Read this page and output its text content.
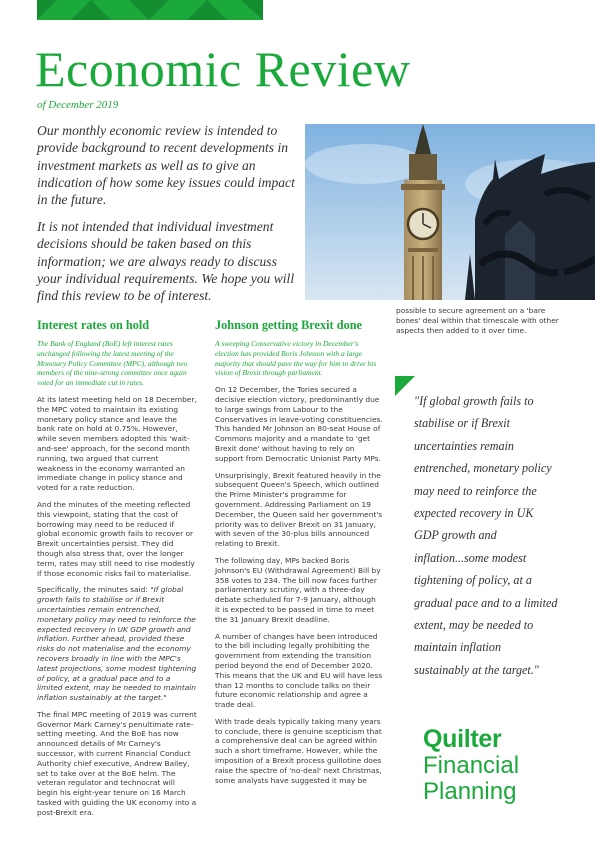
Economic Review
of December 2019

Our monthly economic review is intended to provide background to recent developments in investment markets as well as to give an indication of how some key issues could impact in the future.

It is not intended that individual investment decisions should be taken based on this information; we are always ready to discuss your individual requirements. We hope you will find this review to be of interest.

Interest rates on hold

The Bank of England (BoE) left interest rates unchanged following the latest meeting of the Monetary Policy Committee (MPC), although two members of the nine-strong committee once again voted for an immediate cut in rates.

At its latest meeting held on 18 December, the MPC voted to maintain its existing monetary policy stance and leave the bank rate on hold at 0.75%. However, while seven members adopted this 'wait-and-see' approach, for the second month running, two argued that current weakness in the economy warranted an immediate change in policy stance and voted for a rate reduction.

And the minutes of the meeting reflected this viewpoint, stating that the cost of borrowing may need to be reduced if global economic growth fails to recover or Brexit uncertainties persist. They did though also stress that, over the longer term, rates may still need to rise modestly if those economic risks fail to materialise.

Specifically, the minutes said: "If global growth fails to stabilise or if Brexit uncertainties remain entrenched, monetary policy may need to reinforce the expected recovery in UK GDP growth and inflation. Further ahead, provided these risks do not materialise and the economy recovers broadly in line with the MPC's latest projections, some modest tightening of policy, at a gradual pace and to a limited extent, may be needed to maintain inflation sustainably at the target."

The final MPC meeting of 2019 was current Governor Mark Carney's penultimate rate-setting meeting. And the BoE has now announced details of Mr Carney's successor, with current Financial Conduct Authority chief executive, Andrew Bailey, set to take over at the BoE helm. The veteran regulator and technocrat will begin his eight-year tenure on 16 March tasked with guiding the UK economy into a post-Brexit era.

Johnson getting Brexit done

A sweeping Conservative victory in December's election has provided Boris Johnson with a large majority that should pave the way for him to drive his vision of Brexit through parliament.

On 12 December, the Tories secured a decisive election victory, predominantly due to large swings from Labour to the Conservatives in leave-voting constituencies. This handed Mr Johnson an 80-seat House of Commons majority and a mandate to 'get Brexit done' without having to rely on support from Democratic Unionist Party MPs.

Unsurprisingly, Brexit featured heavily in the subsequent Queen's Speech, which outlined the Prime Minister's programme for government. Addressing Parliament on 19 December, the Queen said her government's priority was to deliver Brexit on 31 January, with seven of the 30-plus bills announced relating to Brexit.

The following day, MPs backed Boris Johnson's EU (Withdrawal Agreement) Bill by 358 votes to 234. The bill now faces further parliamentary scrutiny, with a three-day debate scheduled for 7-9 January, although it is expected to be passed in time to meet the 31 January Brexit deadline.

A number of changes have been introduced to the bill including legally prohibiting the government from extending the transition period beyond the end of December 2020. This means that the UK and EU will have less than 12 months to conclude talks on their future economic relationship and agree a trade deal.

With trade deals typically taking many years to conclude, there is genuine scepticism that a comprehensive deal can be agreed within such a short timeframe. However, while the imposition of a Brexit process guillotine does raise the spectre of 'no-deal' next Christmas, some analysts have suggested it may be

possible to secure agreement on a 'bare bones' deal within that timescale with other aspects then added to it over time.

"If global growth fails to stabilise or if Brexit uncertainties remain entrenched, monetary policy may need to reinforce the expected recovery in UK GDP growth and inflation...some modest tightening of policy, at a gradual pace and to a limited extent, may be needed to maintain inflation sustainably at the target."

Quilter
Financial
Planning
